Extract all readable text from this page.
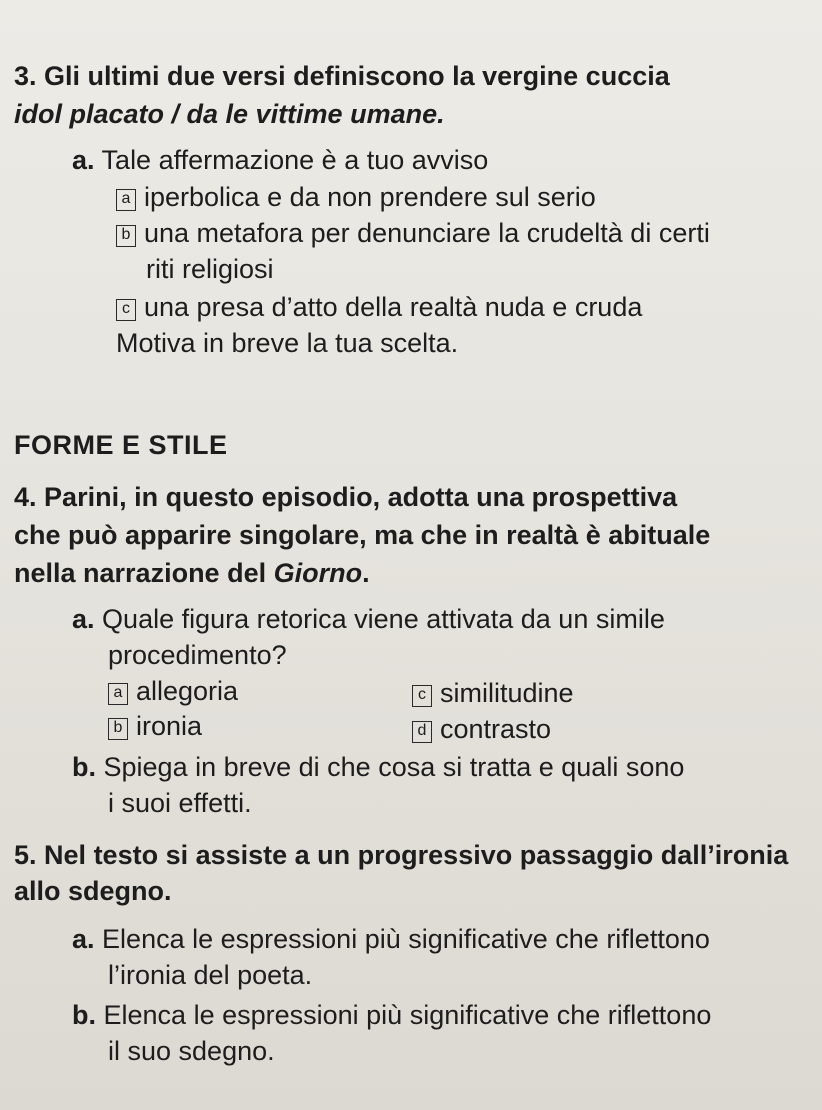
3. Gli ultimi due versi definiscono la vergine cuccia
idol placato / da le vittime umane.
a. Tale affermazione è a tuo avviso
a iperbolica e da non prendere sul serio
b una metafora per denunciare la crudeltà di certi
riti religiosi
c una presa d’atto della realtà nuda e cruda
Motiva in breve la tua scelta.
FORME E STILE
4. Parini, in questo episodio, adotta una prospettiva
che può apparire singolare, ma che in realtà è abituale
nella narrazione del Giorno.
a. Quale figura retorica viene attivata da un simile
procedimento?
a allegoria
b ironia
c similitudine
d contrasto
b. Spiega in breve di che cosa si tratta e quali sono
i suoi effetti.
5. Nel testo si assiste a un progressivo passaggio dall’ironia
allo sdegno.
a. Elenca le espressioni più significative che riflettono
l’ironia del poeta.
b. Elenca le espressioni più significative che riflettono
il suo sdegno.
